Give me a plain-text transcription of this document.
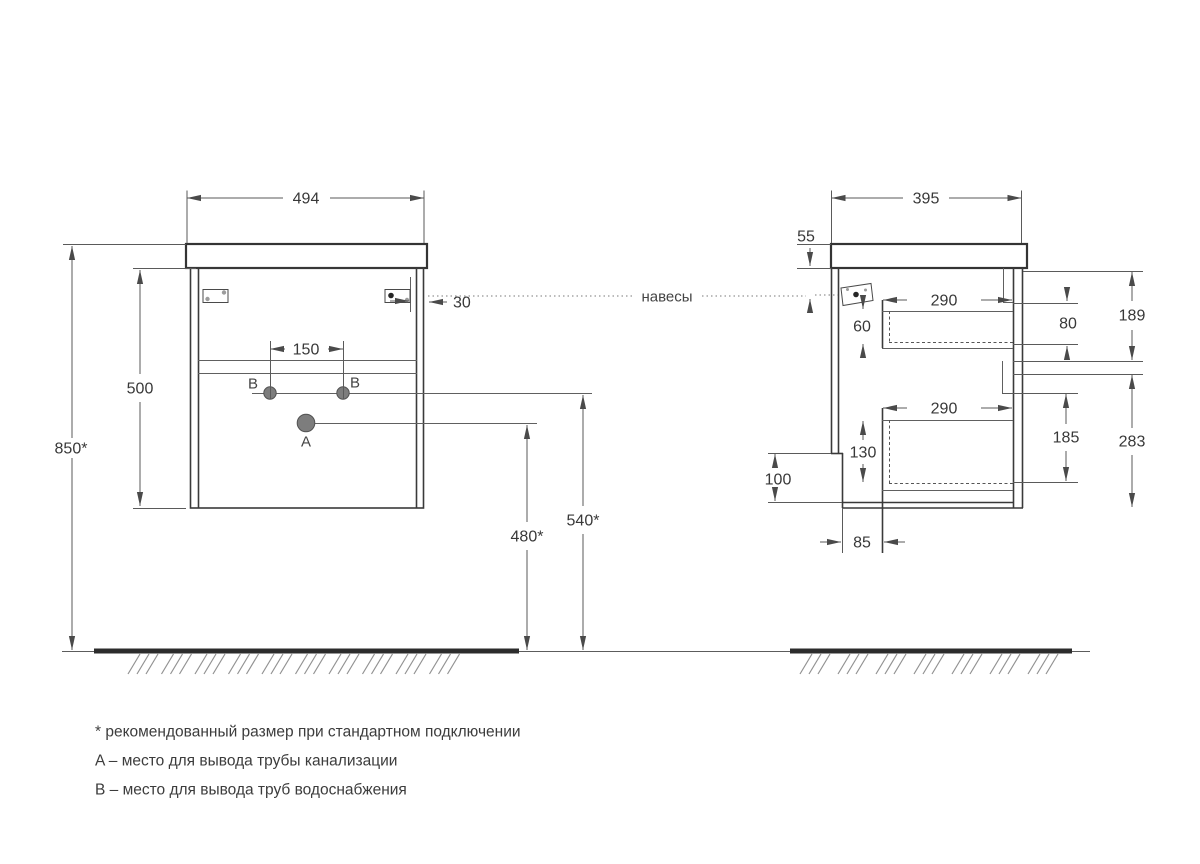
B	B
A
494
850*
500
150
30
480*
540*
навесы
395
55
290
290
60	80	189
185 283
130
100
85
* рекомендованный размер при стандартном подключении
A – место для вывода трубы канализации
B – место для вывода труб водоснабжения
